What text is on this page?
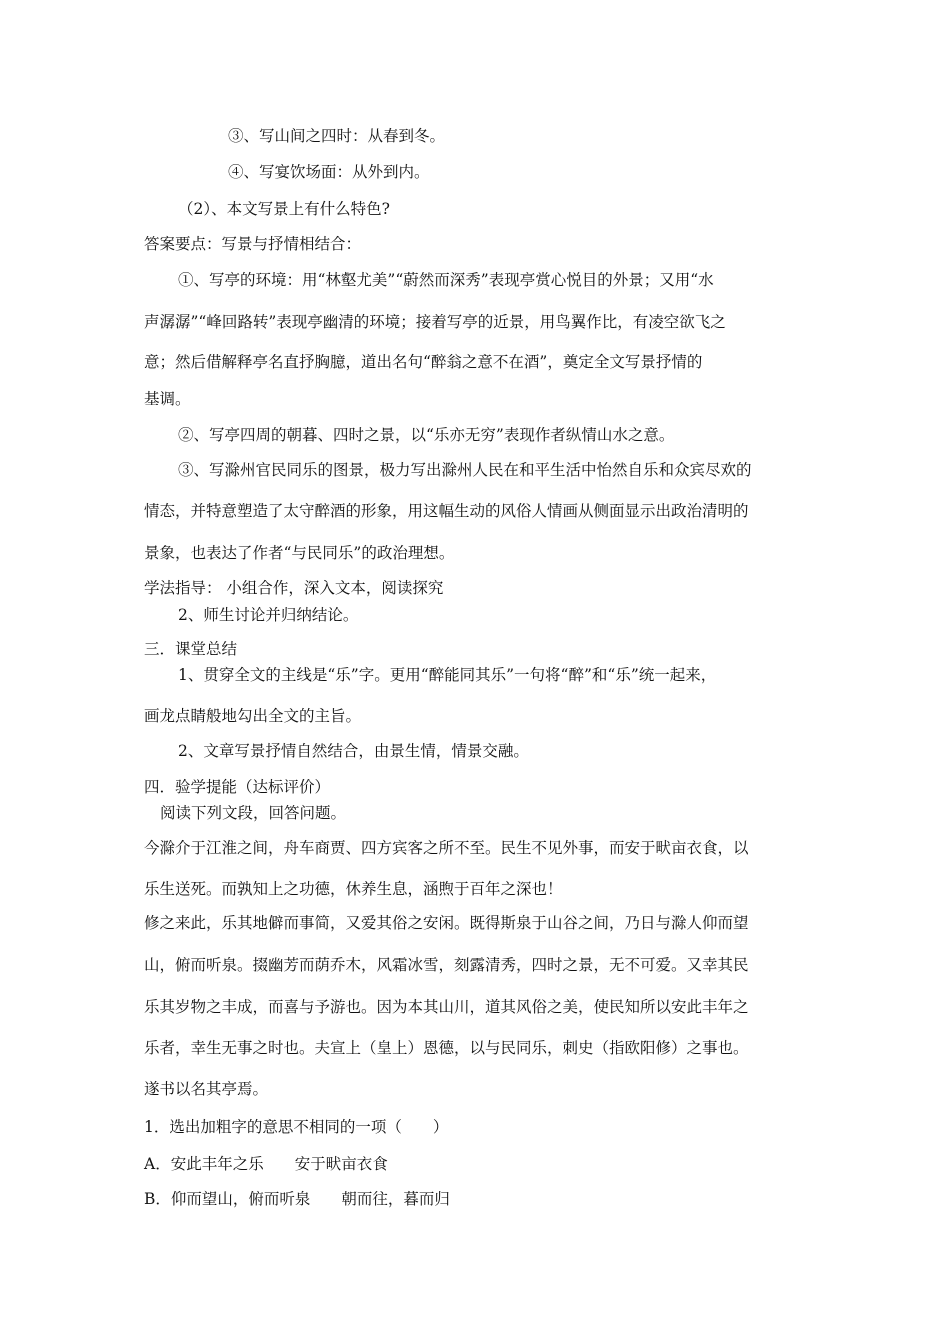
③、写山间之四时：从春到冬。
④、写宴饮场面：从外到内。
（2）、本文写景上有什么特色?
答案要点：写景与抒情相结合：
①、写亭的环境：用“林壑尤美”“蔚然而深秀”表现亭赏心悦目的外景；又用“水
声潺潺”“峰回路转”表现亭幽清的环境；接着写亭的近景，用鸟翼作比，有凌空欲飞之
意；然后借解释亭名直抒胸臆，道出名句“醉翁之意不在酒”，奠定全文写景抒情的
基调。
②、写亭四周的朝暮、四时之景，以“乐亦无穷”表现作者纵情山水之意。
③、写滁州官民同乐的图景，极力写出滁州人民在和平生活中怡然自乐和众宾尽欢的
情态，并特意塑造了太守醉酒的形象，用这幅生动的风俗人情画从侧面显示出政治清明的
景象，也表达了作者“与民同乐”的政治理想。
学法指导： 小组合作，深入文本，阅读探究
2、师生讨论并归纳结论。
三．课堂总结
1、贯穿全文的主线是“乐”字。更用“醉能同其乐”一句将“醉”和“乐”统一起来，
画龙点睛般地勾出全文的主旨。
2、文章写景抒情自然结合，由景生情，情景交融。
四．验学提能（达标评价）
阅读下列文段，回答问题。
今滁介于江淮之间，舟车商贾、四方宾客之所不至。民生不见外事，而安于畎亩衣食，以
乐生送死。而孰知上之功德，休养生息，涵煦于百年之深也！
修之来此，乐其地僻而事简，又爱其俗之安闲。既得斯泉于山谷之间，乃日与滁人仰而望
山，俯而听泉。掇幽芳而荫乔木，风霜冰雪，刻露清秀，四时之景，无不可爱。又幸其民
乐其岁物之丰成，而喜与予游也。因为本其山川，道其风俗之美，使民知所以安此丰年之
乐者，幸生无事之时也。夫宣上（皇上）恩德，以与民同乐，刺史（指欧阳修）之事也。
遂书以名其亭焉。
1．选出加粗字的意思不相同的一项（　　）
A．安此丰年之乐　　安于畎亩衣食
B．仰而望山，俯而听泉　　朝而往，暮而归
